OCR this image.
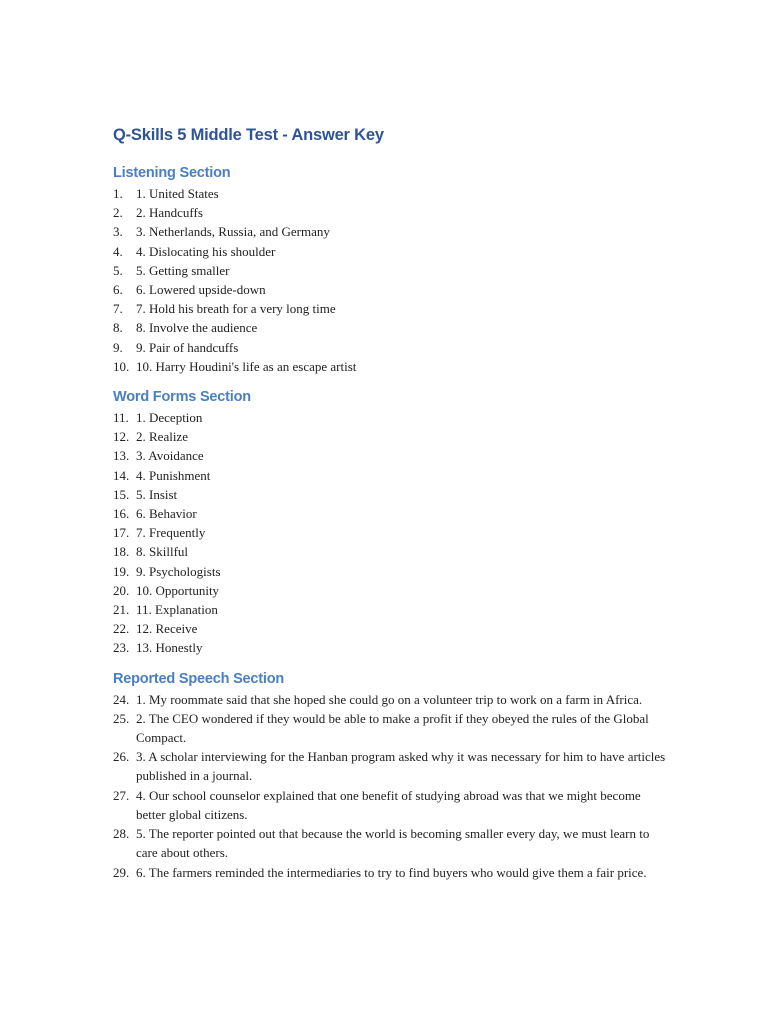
Q-Skills 5 Middle Test - Answer Key
Listening Section
1.	1. United States
2.	2. Handcuffs
3.	3. Netherlands, Russia, and Germany
4.	4. Dislocating his shoulder
5.	5. Getting smaller
6.	6. Lowered upside-down
7.	7. Hold his breath for a very long time
8.	8. Involve the audience
9.	9. Pair of handcuffs
10. 10. Harry Houdini's life as an escape artist
Word Forms Section
11. 1. Deception
12. 2. Realize
13. 3. Avoidance
14. 4. Punishment
15. 5. Insist
16. 6. Behavior
17. 7. Frequently
18. 8. Skillful
19. 9. Psychologists
20. 10. Opportunity
21. 11. Explanation
22. 12. Receive
23. 13. Honestly
Reported Speech Section
24. 1. My roommate said that she hoped she could go on a volunteer trip to work on a farm in Africa.
25. 2. The CEO wondered if they would be able to make a profit if they obeyed the rules of the Global Compact.
26. 3. A scholar interviewing for the Hanban program asked why it was necessary for him to have articles published in a journal.
27. 4. Our school counselor explained that one benefit of studying abroad was that we might become better global citizens.
28. 5. The reporter pointed out that because the world is becoming smaller every day, we must learn to care about others.
29. 6. The farmers reminded the intermediaries to try to find buyers who would give them a fair price.
